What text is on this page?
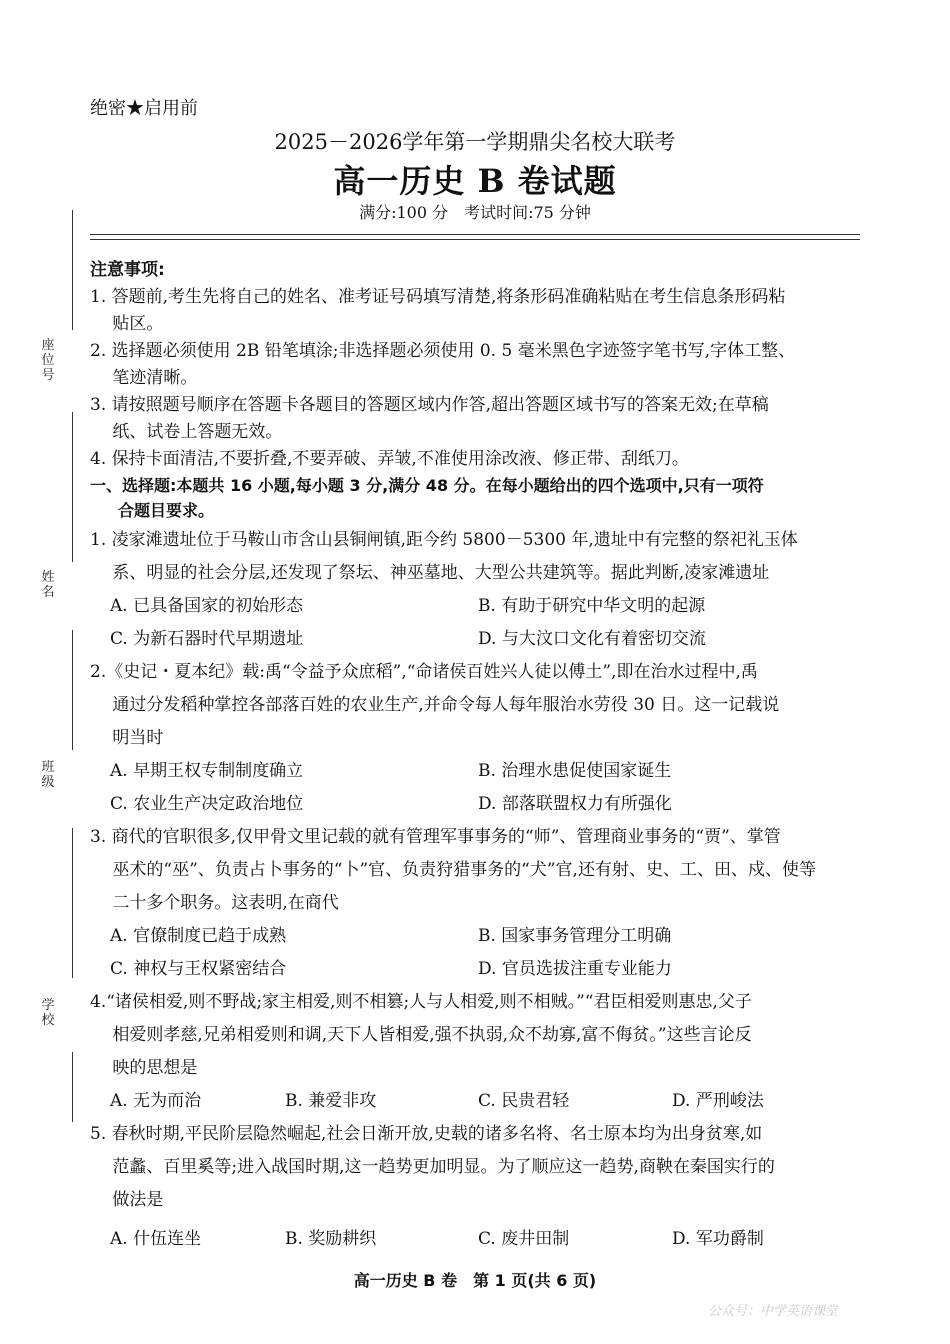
座位号
姓名
班级
学校
绝密★启用前
2025－2026学年第一学期鼎尖名校大联考
高一历史 B 卷试题
满分:100 分　考试时间:75 分钟
注意事项:
1. 答题前,考生先将自己的姓名、准考证号码填写清楚,将条形码准确粘贴在考生信息条形码粘
　 贴区。
2. 选择题必须使用 2B 铅笔填涂;非选择题必须使用 0. 5 毫米黑色字迹签字笔书写,字体工整、
　 笔迹清晰。
3. 请按照题号顺序在答题卡各题目的答题区域内作答,超出答题区域书写的答案无效;在草稿
　 纸、试卷上答题无效。
4. 保持卡面清洁,不要折叠,不要弄破、弄皱,不准使用涂改液、修正带、刮纸刀。
一、选择题:本题共 16 小题,每小题 3 分,满分 48 分。在每小题给出的四个选项中,只有一项符
合题目要求。
1. 凌家滩遗址位于马鞍山市含山县铜闸镇,距今约 5800－5300 年,遗址中有完整的祭祀礼玉体
　 系、明显的社会分层,还发现了祭坛、神巫墓地、大型公共建筑等。据此判断,凌家滩遗址
A. 已具备国家的初始形态	B. 有助于研究中华文明的起源
C. 为新石器时代早期遗址	D. 与大汶口文化有着密切交流
2.《史记・夏本纪》载:禹“令益予众庶稻”,“命诸侯百姓兴人徒以傅土”,即在治水过程中,禹
　 通过分发稻种掌控各部落百姓的农业生产,并命令每人每年服治水劳役 30 日。这一记载说
　 明当时
A. 早期王权专制制度确立	B. 治理水患促使国家诞生
C. 农业生产决定政治地位	D. 部落联盟权力有所强化
3. 商代的官职很多,仅甲骨文里记载的就有管理军事事务的“师”、管理商业事务的“贾”、掌管
　 巫术的“巫”、负责占卜事务的“卜”官、负责狩猎事务的“犬”官,还有射、史、工、田、戍、使等
　 二十多个职务。这表明,在商代
A. 官僚制度已趋于成熟	B. 国家事务管理分工明确
C. 神权与王权紧密结合	D. 官员选拔注重专业能力
4.“诸侯相爱,则不野战;家主相爱,则不相篡;人与人相爱,则不相贼。”“君臣相爱则惠忠,父子
　 相爱则孝慈,兄弟相爱则和调,天下人皆相爱,强不执弱,众不劫寡,富不侮贫。”这些言论反
　 映的思想是
A. 无为而治	B. 兼爱非攻	C. 民贵君轻	D. 严刑峻法
5. 春秋时期,平民阶层隐然崛起,社会日渐开放,史载的诸多名将、名士原本均为出身贫寒,如
　 范蠡、百里奚等;进入战国时期,这一趋势更加明显。为了顺应这一趋势,商鞅在秦国实行的
　 做法是
A. 什伍连坐	B. 奖励耕织	C. 废井田制	D. 军功爵制
高一历史 B 卷　第 1 页(共 6 页)
公众号：中学英语课堂
